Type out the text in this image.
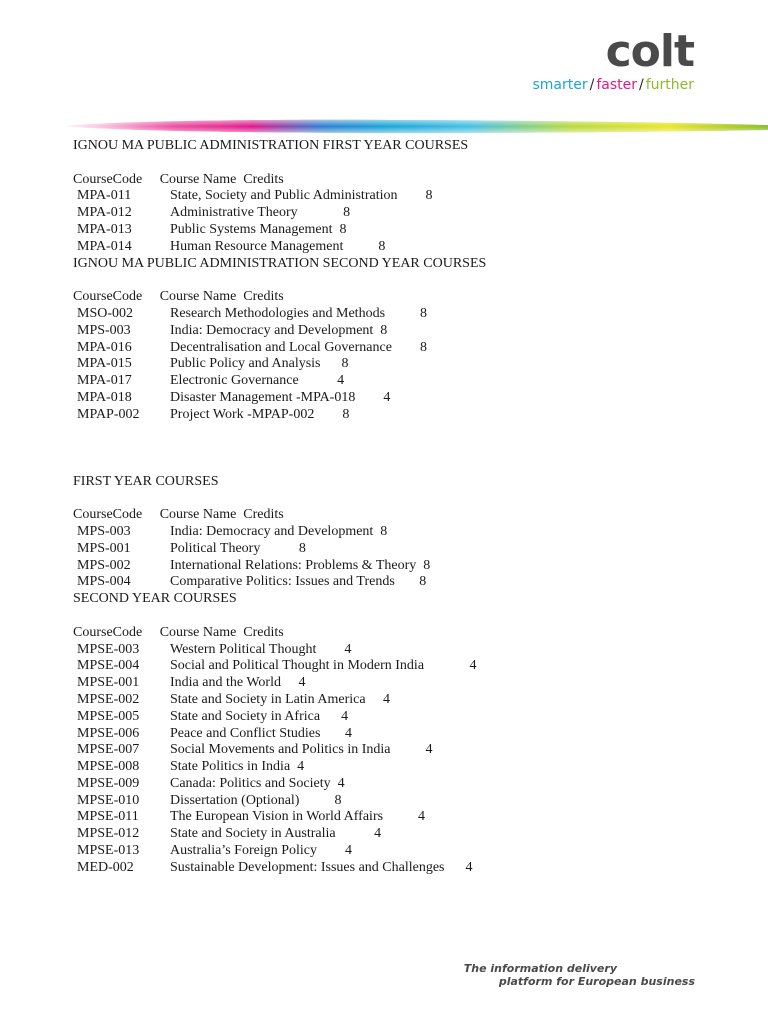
colt
smarter / faster / further
IGNOU MA PUBLIC ADMINISTRATION FIRST YEAR COURSES
CourseCode     Course Name  Credits
MPA-011	State, Society and Public Administration        8
MPA-012	Administrative Theory             8
MPA-013	Public Systems Management  8
MPA-014	Human Resource Management          8
IGNOU MA PUBLIC ADMINISTRATION SECOND YEAR COURSES
CourseCode     Course Name  Credits
MSO-002	Research Methodologies and Methods          8
MPS-003	India: Democracy and Development  8
MPA-016	Decentralisation and Local Governance        8
MPA-015	Public Policy and Analysis      8
MPA-017	Electronic Governance           4
MPA-018	Disaster Management -MPA-018        4
MPAP-002 Project Work -MPAP-002        8
FIRST YEAR COURSES
CourseCode     Course Name  Credits
MPS-003	India: Democracy and Development  8
MPS-001	Political Theory           8
MPS-002	International Relations: Problems & Theory  8
MPS-004	Comparative Politics: Issues and Trends       8
SECOND YEAR COURSES
CourseCode     Course Name  Credits
MPSE-003 Western Political Thought        4
MPSE-004 Social and Political Thought in Modern India             4
MPSE-001 India and the World     4
MPSE-002 State and Society in Latin America     4
MPSE-005 State and Society in Africa      4
MPSE-006 Peace and Conflict Studies       4
MPSE-007 Social Movements and Politics in India          4
MPSE-008 State Politics in India  4
MPSE-009 Canada: Politics and Society  4
MPSE-010 Dissertation (Optional)          8
MPSE-011 The European Vision in World Affairs          4
MPSE-012 State and Society in Australia           4
MPSE-013 Australia’s Foreign Policy        4
MED-002	Sustainable Development: Issues and Challenges      4
The information delivery
platform for European business
